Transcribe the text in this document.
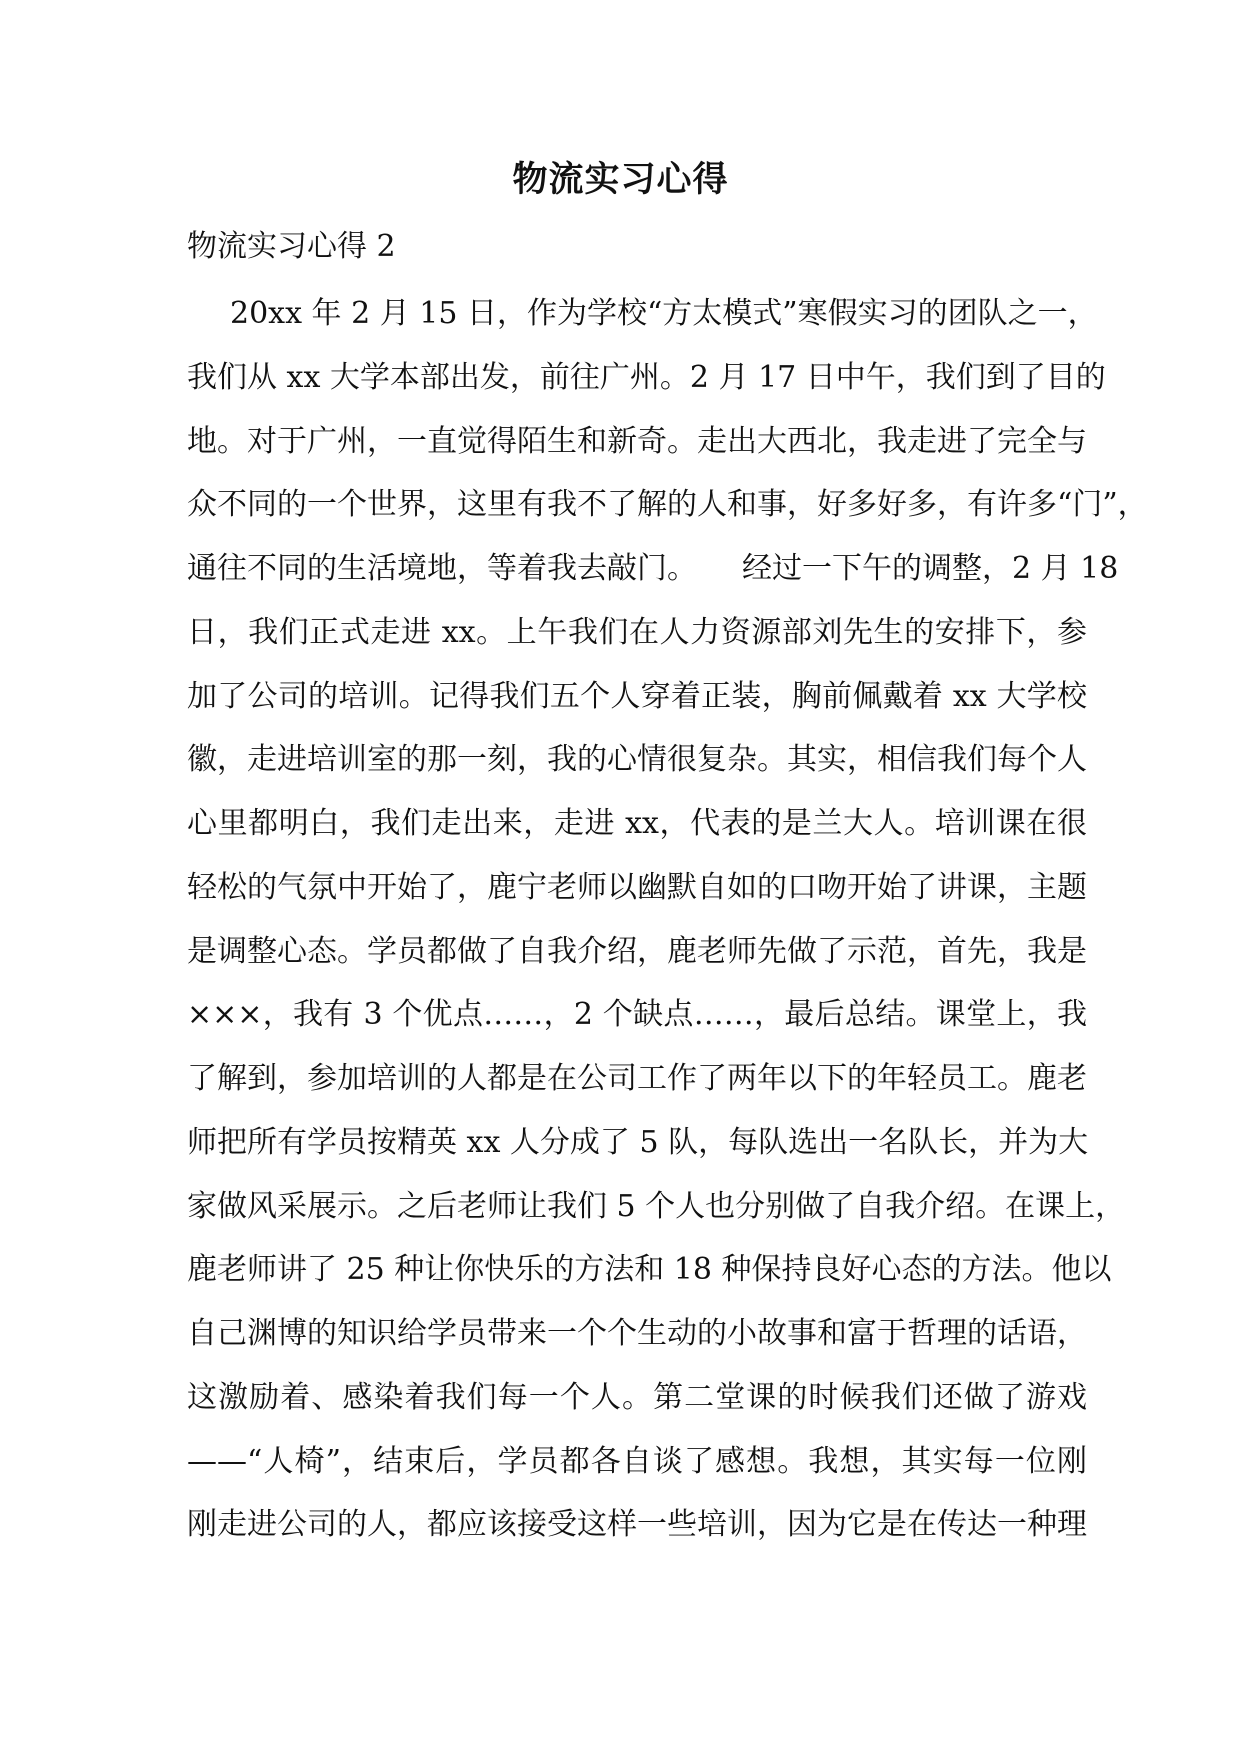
物流实习心得
物流实习心得 2
20xx 年 2 月 15 日，作为学校“方太模式”寒假实习的团队之一，
我们从 xx 大学本部出发，前往广州。2 月 17 日中午，我们到了目的
地。对于广州，一直觉得陌生和新奇。走出大西北，我走进了完全与
众不同的一个世界，这里有我不了解的人和事，好多好多，有许多“门”，
通往不同的生活境地，等着我去敲门。　　经过一下午的调整，2 月 18
日，我们正式走进 xx。上午我们在人力资源部刘先生的安排下，参
加了公司的培训。记得我们五个人穿着正装，胸前佩戴着 xx 大学校
徽，走进培训室的那一刻，我的心情很复杂。其实，相信我们每个人
心里都明白，我们走出来，走进 xx，代表的是兰大人。培训课在很
轻松的气氛中开始了，鹿宁老师以幽默自如的口吻开始了讲课，主题
是调整心态。学员都做了自我介绍，鹿老师先做了示范，首先，我是
×××，我有 3 个优点……，2 个缺点……，最后总结。课堂上，我
了解到，参加培训的人都是在公司工作了两年以下的年轻员工。鹿老
师把所有学员按精英 xx 人分成了 5 队，每队选出一名队长，并为大
家做风采展示。之后老师让我们 5 个人也分别做了自我介绍。在课上，
鹿老师讲了 25 种让你快乐的方法和 18 种保持良好心态的方法。他以
自己渊博的知识给学员带来一个个生动的小故事和富于哲理的话语，
这激励着、感染着我们每一个人。第二堂课的时候我们还做了游戏
——“人椅”，结束后，学员都各自谈了感想。我想，其实每一位刚
刚走进公司的人，都应该接受这样一些培训，因为它是在传达一种理
